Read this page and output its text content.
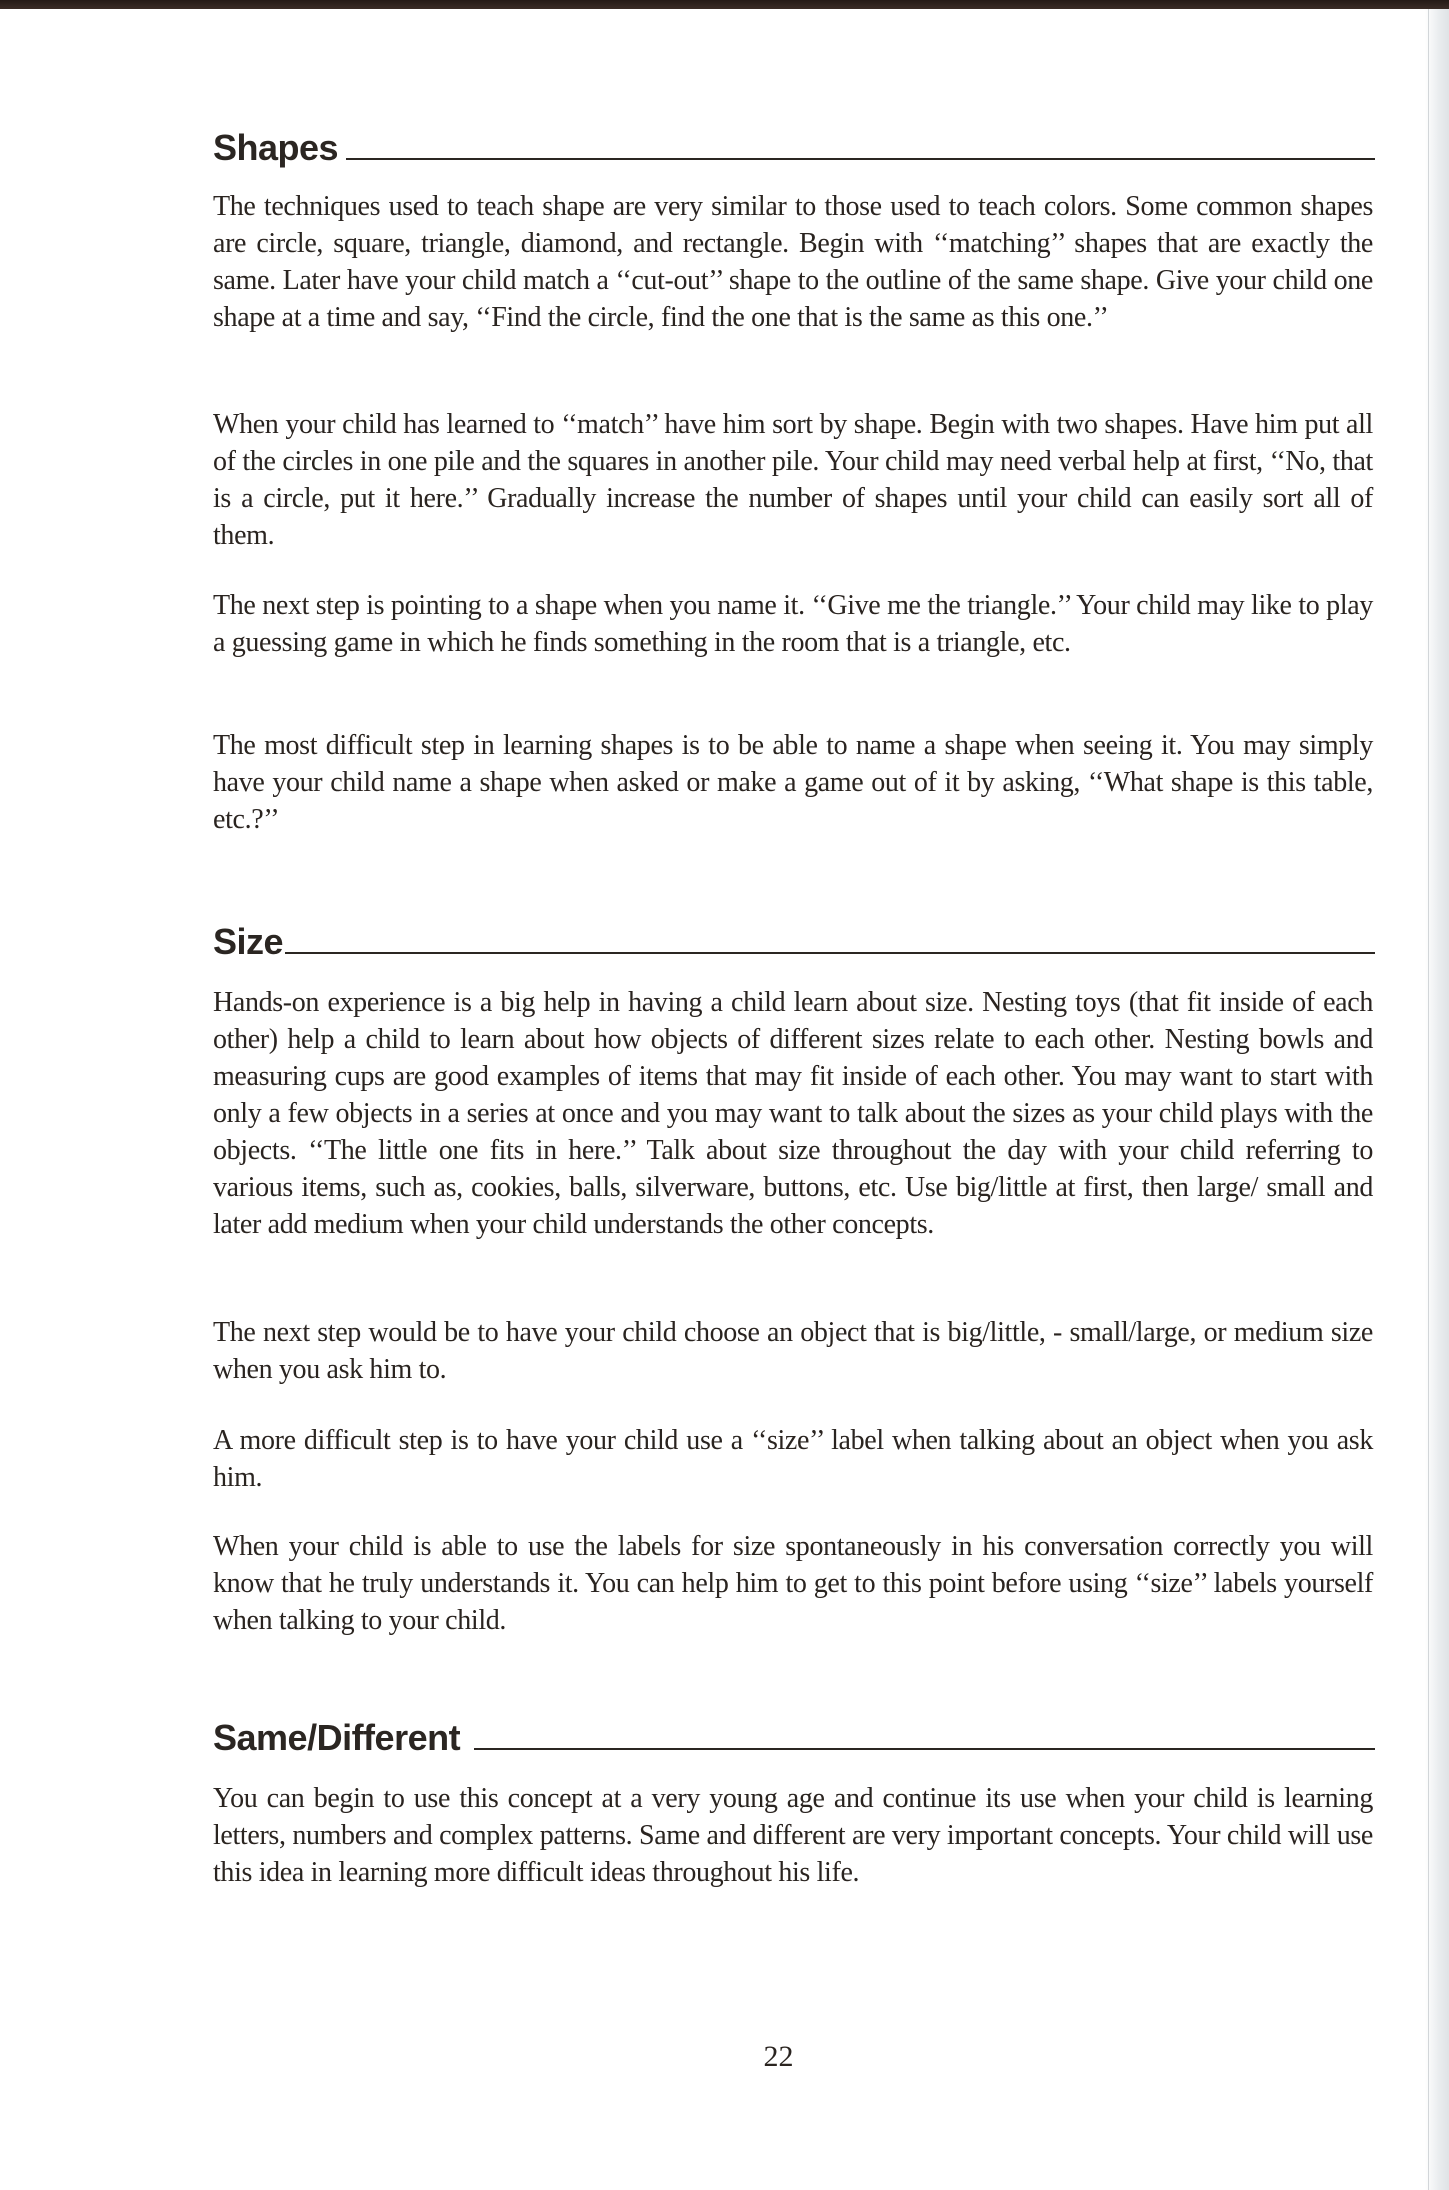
Shapes

The techniques used to teach shape are very similar to those used to teach colors. Some common shapes are circle, square, triangle, diamond, and rectangle. Begin with ‘‘matching’’ shapes that are exactly the same. Later have your child match a ‘‘cut-out’’ shape to the outline of the same shape. Give your child one shape at a time and say, ‘‘Find the circle, find the one that is the same as this one.’’

When your child has learned to ‘‘match’’ have him sort by shape. Begin with two shapes. Have him put all of the circles in one pile and the squares in another pile. Your child may need verbal help at first, ‘‘No, that is a circle, put it here.’’ Gradually increase the number of shapes until your child can easily sort all of them.

The next step is pointing to a shape when you name it. ‘‘Give me the triangle.’’ Your child may like to play a guessing game in which he finds something in the room that is a triangle, etc.

The most difficult step in learning shapes is to be able to name a shape when seeing it. You may simply have your child name a shape when asked or make a game out of it by asking, ‘‘What shape is this table, etc.?’’

Size

Hands-on experience is a big help in having a child learn about size. Nesting toys (that fit inside of each other) help a child to learn about how objects of different sizes relate to each other. Nesting bowls and measuring cups are good examples of items that may fit inside of each other. You may want to start with only a few objects in a series at once and you may want to talk about the sizes as your child plays with the objects. ‘‘The little one fits in here.’’ Talk about size throughout the day with your child referring to various items, such as, cookies, balls, silverware, buttons, etc. Use big/little at first, then large/ small and later add medium when your child understands the other concepts.

The next step would be to have your child choose an object that is big/little, - small/large, or medium size when you ask him to.

A more difficult step is to have your child use a ‘‘size’’ label when talking about an object when you ask him.

When your child is able to use the labels for size spontaneously in his conversation correctly you will know that he truly understands it. You can help him to get to this point before using ‘‘size’’ labels yourself when talking to your child.

Same/Different

You can begin to use this concept at a very young age and continue its use when your child is learning letters, numbers and complex patterns. Same and different are very important concepts. Your child will use this idea in learning more difficult ideas throughout his life.

22
